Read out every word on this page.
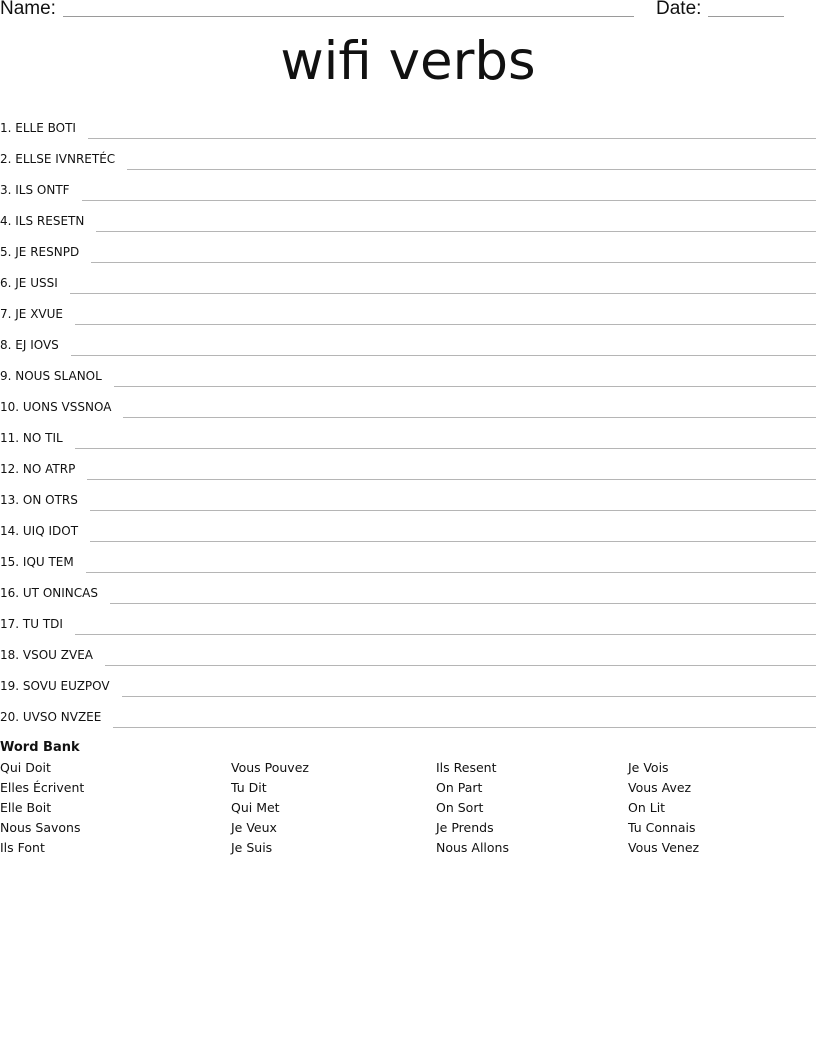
Name:	Date:
wifi verbs
1. ELLE BOTI
2. ELLSE IVNRETÉC
3. ILS ONTF
4. ILS RESETN
5. JE RESNPD
6. JE USSI
7. JE XVUE
8. EJ IOVS
9. NOUS SLANOL
10. UONS VSSNOA
11. NO TIL
12. NO ATRP
13. ON OTRS
14. UIQ IDOT
15. IQU TEM
16. UT ONINCAS
17. TU TDI
18. VSOU ZVEA
19. SOVU EUZPOV
20. UVSO NVZEE
Word Bank
Qui Doit
Elles Écrivent
Elle Boit
Nous Savons
Ils Font
Vous Pouvez
Tu Dit
Qui Met
Je Veux
Je Suis
Ils Resent
On Part
On Sort
Je Prends
Nous Allons
Je Vois
Vous Avez
On Lit
Tu Connais
Vous Venez
